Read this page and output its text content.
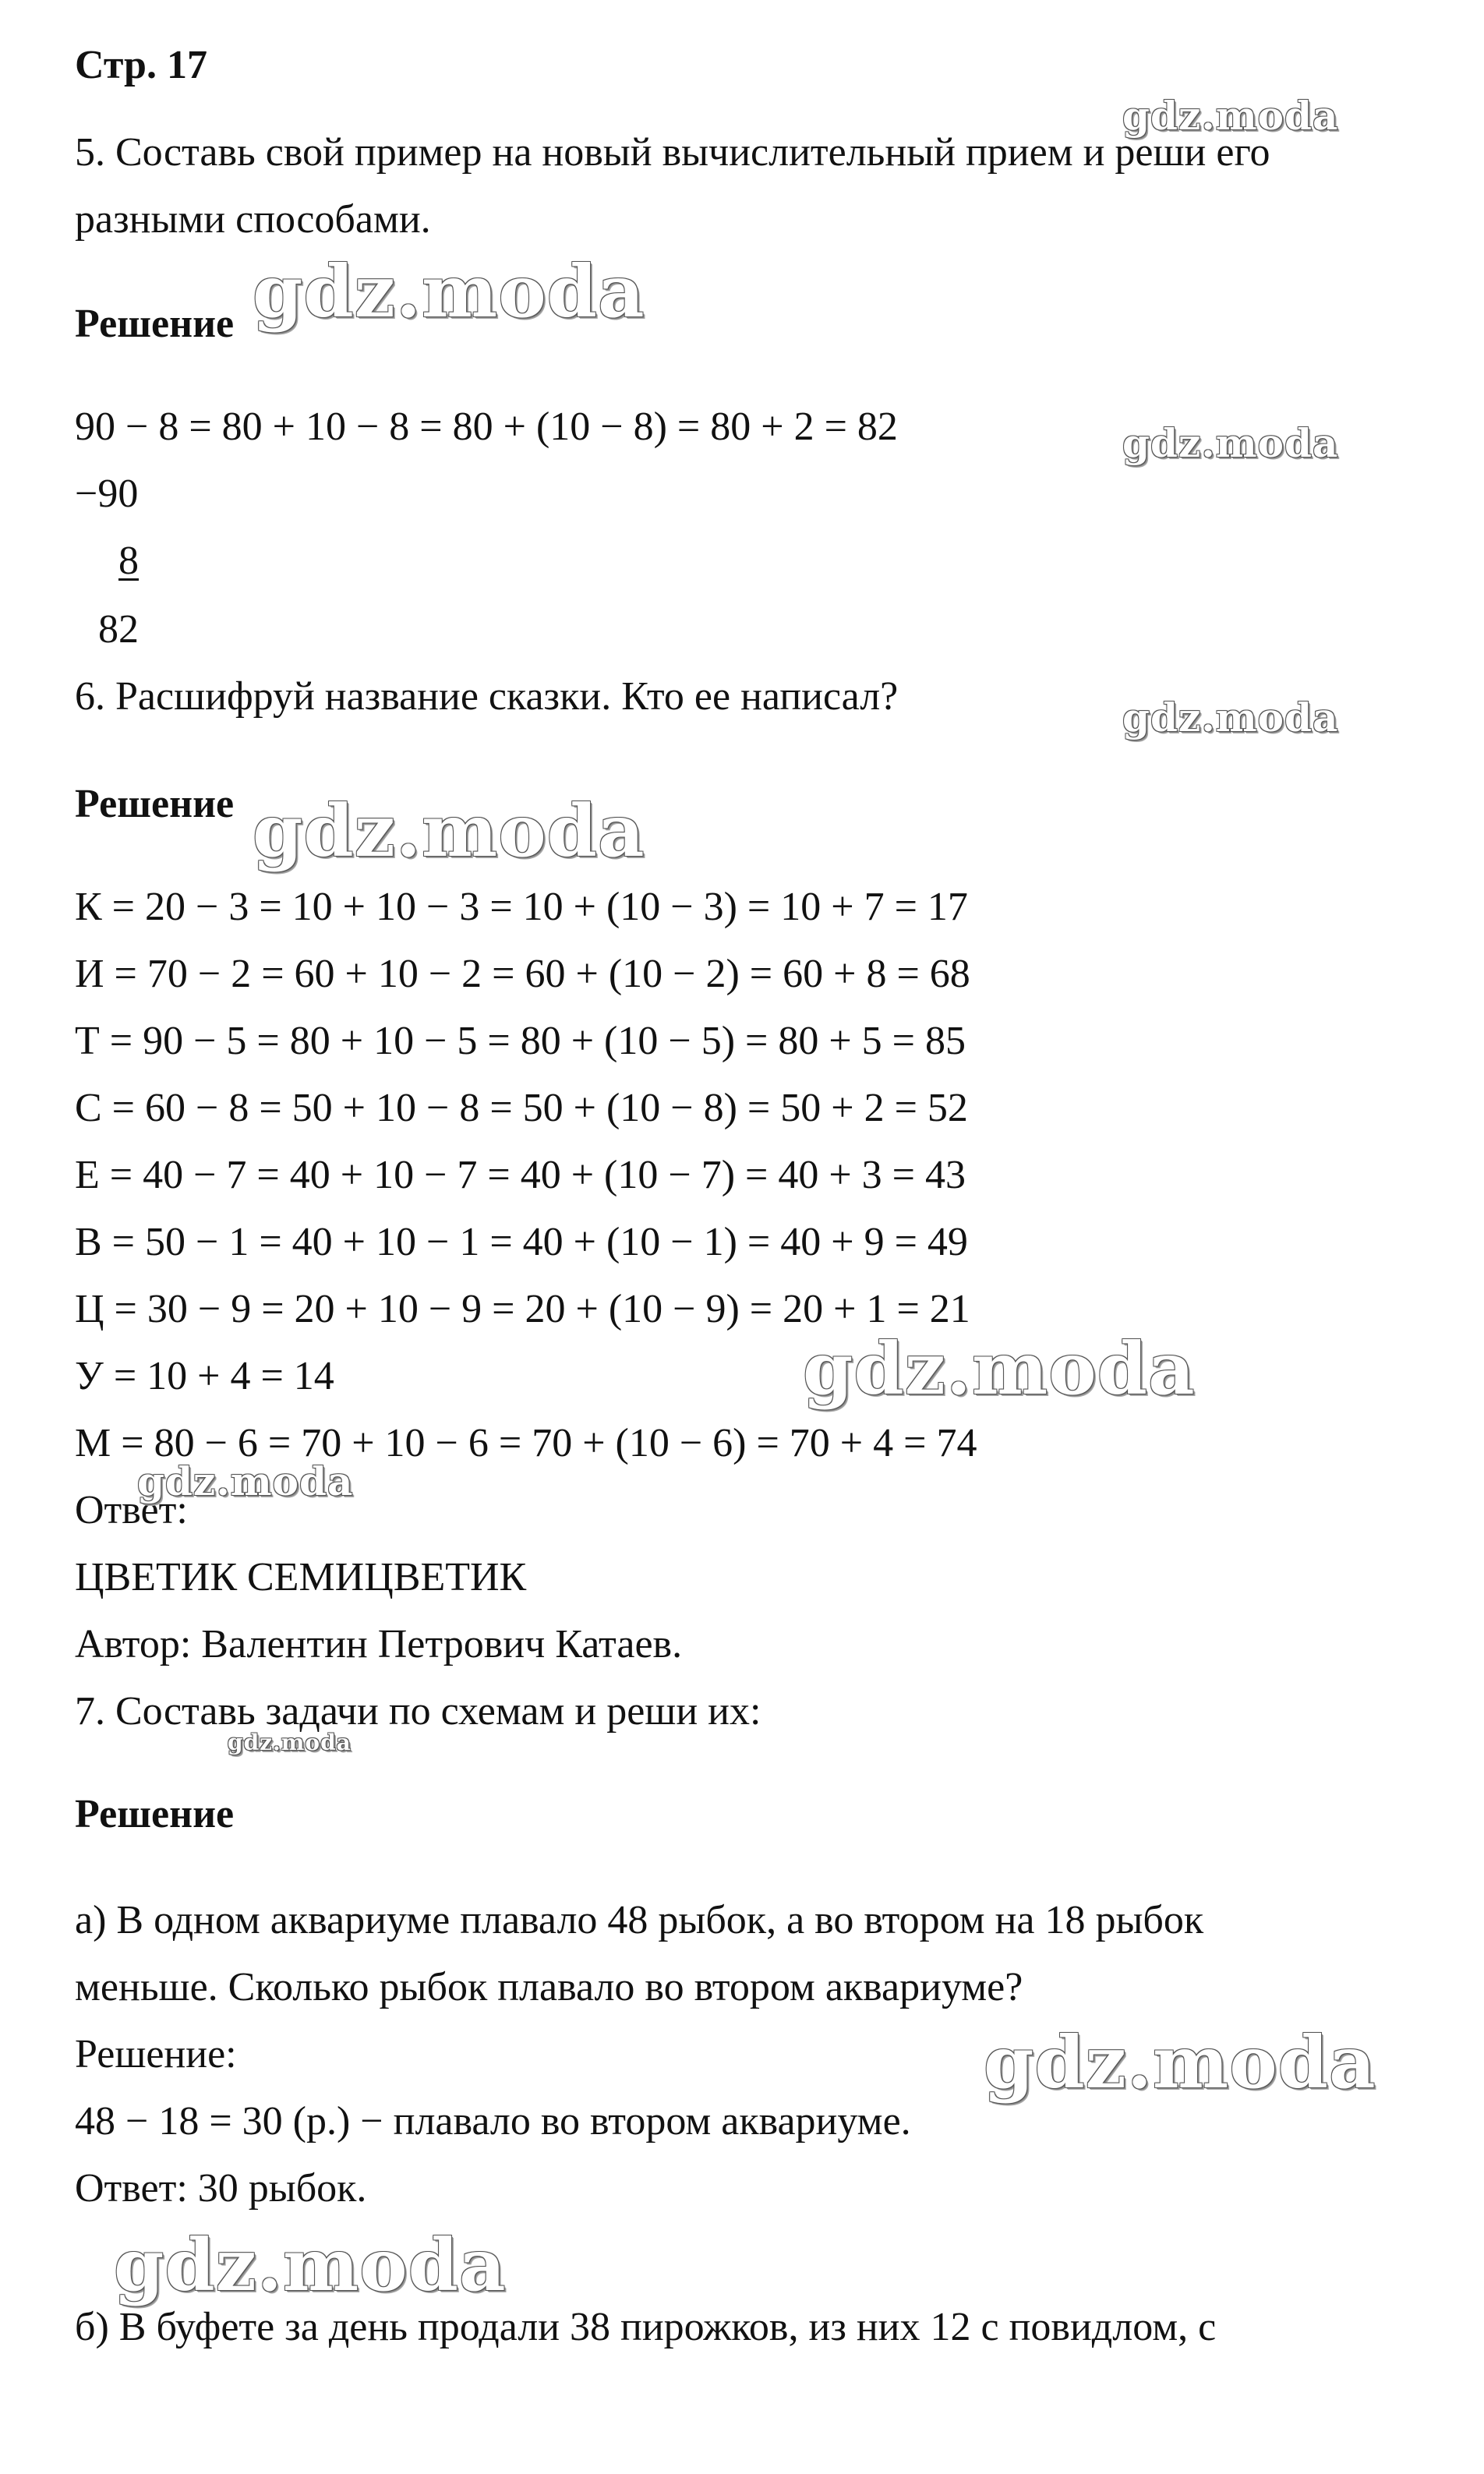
Стр. 17
5. Составь свой пример на новый вычислительный прием и реши его
разными способами.
Решение
90 − 8 = 80 + 10 − 8 = 80 + (10 − 8) = 80 + 2 = 82
−90
8
82
6. Расшифруй название сказки. Кто ее написал?
Решение
К = 20 − 3 = 10 + 10 − 3 = 10 + (10 − 3) = 10 + 7 = 17
И = 70 − 2 = 60 + 10 − 2 = 60 + (10 − 2) = 60 + 8 = 68
Т = 90 − 5 = 80 + 10 − 5 = 80 + (10 − 5) = 80 + 5 = 85
С = 60 − 8 = 50 + 10 − 8 = 50 + (10 − 8) = 50 + 2 = 52
Е = 40 − 7 = 40 + 10 − 7 = 40 + (10 − 7) = 40 + 3 = 43
В = 50 − 1 = 40 + 10 − 1 = 40 + (10 − 1) = 40 + 9 = 49
Ц = 30 − 9 = 20 + 10 − 9 = 20 + (10 − 9) = 20 + 1 = 21
У = 10 + 4 = 14
М = 80 − 6 = 70 + 10 − 6 = 70 + (10 − 6) = 70 + 4 = 74
Ответ:
ЦВЕТИК СЕМИЦВЕТИК
Автор: Валентин Петрович Катаев.
7. Составь задачи по схемам и реши их:
Решение
а) В одном аквариуме плавало 48 рыбок, а во втором на 18 рыбок
меньше. Сколько рыбок плавало во втором аквариуме?
Решение:
48 − 18 = 30 (р.) − плавало во втором аквариуме.
Ответ: 30 рыбок.
б) В буфете за день продали 38 пирожков, из них 12 с повидлом, с
gdz.moda
gdz.moda
gdz.moda
gdz.moda
gdz.moda
gdz.moda
gdz.moda
gdz.moda
gdz.moda
gdz.moda
